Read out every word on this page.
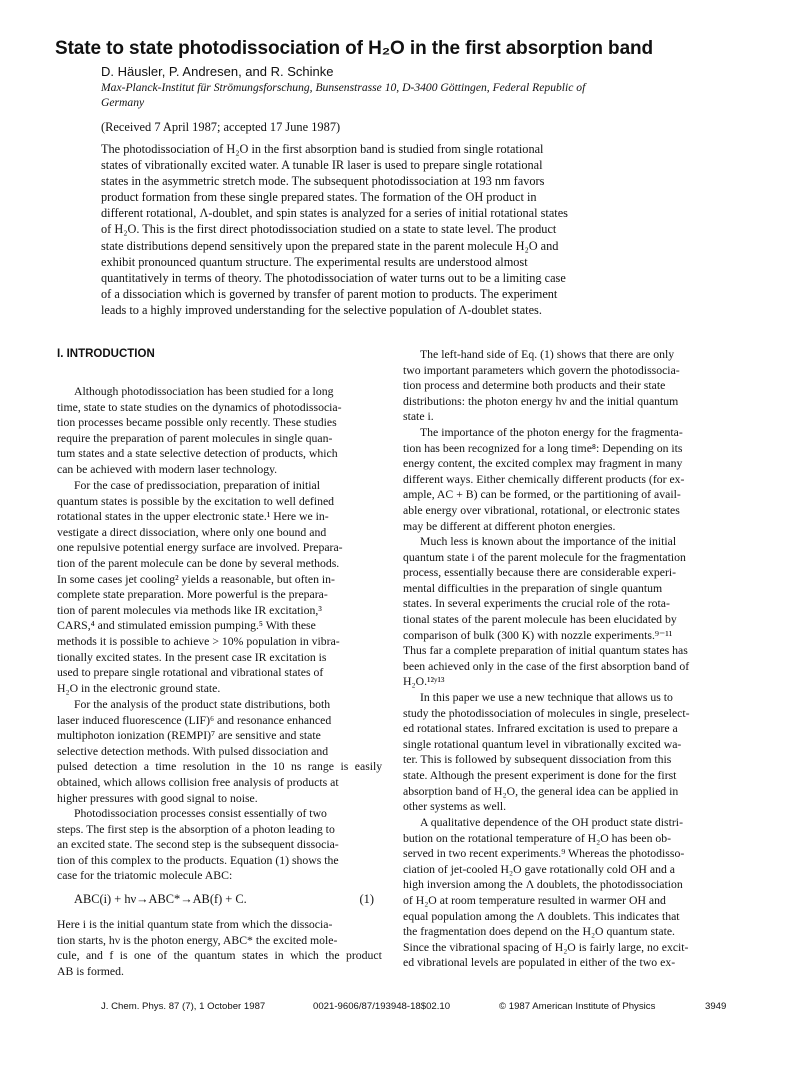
State to state photodissociation of H₂O in the first absorption band
D. Häusler, P. Andresen, and R. Schinke
Max-Planck-Institut für Strömungsforschung, Bunsenstrasse 10, D-3400 Göttingen, Federal Republic of
Germany
(Received 7 April 1987; accepted 17 June 1987)
The photodissociation of H₂O in the first absorption band is studied from single rotational
states of vibrationally excited water. A tunable IR laser is used to prepare single rotational
states in the asymmetric stretch mode. The subsequent photodissociation at 193 nm favors
product formation from these single prepared states. The formation of the OH product in
different rotational, Λ-doublet, and spin states is analyzed for a series of initial rotational states
of H₂O. This is the first direct photodissociation studied on a state to state level. The product
state distributions depend sensitively upon the prepared state in the parent molecule H₂O and
exhibit pronounced quantum structure. The experimental results are understood almost
quantitatively in terms of theory. The photodissociation of water turns out to be a limiting case
of a dissociation which is governed by transfer of parent motion to products. The experiment
leads to a highly improved understanding for the selective population of Λ-doublet states.
I. INTRODUCTION
Although photodissociation has been studied for a long
time, state to state studies on the dynamics of photodissocia-
tion processes became possible only recently. These studies
require the preparation of parent molecules in single quan-
tum states and a state selective detection of products, which
can be achieved with modern laser technology.
For the case of predissociation, preparation of initial
quantum states is possible by the excitation to well defined
rotational states in the upper electronic state.¹ Here we in-
vestigate a direct dissociation, where only one bound and
one repulsive potential energy surface are involved. Prepara-
tion of the parent molecule can be done by several methods.
In some cases jet cooling² yields a reasonable, but often in-
complete state preparation. More powerful is the prepara-
tion of parent molecules via methods like IR excitation,³
CARS,⁴ and stimulated emission pumping.⁵ With these
methods it is possible to achieve > 10% population in vibra-
tionally excited states. In the present case IR excitation is
used to prepare single rotational and vibrational states of
H₂O in the electronic ground state.
For the analysis of the product state distributions, both
laser induced fluorescence (LIF)⁶ and resonance enhanced
multiphoton ionization (REMPI)⁷ are sensitive and state
selective detection methods. With pulsed dissociation and
pulsed detection a time resolution in the 10 ns range is easily
obtained, which allows collision free analysis of products at
higher pressures with good signal to noise.
Photodissociation processes consist essentially of two
steps. The first step is the absorption of a photon leading to
an excited state. The second step is the subsequent dissocia-
tion of this complex to the products. Equation (1) shows the
case for the triatomic molecule ABC:
Here i is the initial quantum state from which the dissocia-
tion starts, hν is the photon energy, ABC* the excited mole-
cule, and f is one of the quantum states in which the product
AB is formed.
ABC(i) + hν→ABC*→AB(f) + C.	(1)
The left-hand side of Eq. (1) shows that there are only
two important parameters which govern the photodissocia-
tion process and determine both products and their state
distributions: the photon energy hν and the initial quantum
state i.
The importance of the photon energy for the fragmenta-
tion has been recognized for a long time⁸: Depending on its
energy content, the excited complex may fragment in many
different ways. Either chemically different products (for ex-
ample, AC + B) can be formed, or the partitioning of avail-
able energy over vibrational, rotational, or electronic states
may be different at different photon energies.
Much less is known about the importance of the initial
quantum state i of the parent molecule for the fragmentation
process, essentially because there are considerable experi-
mental difficulties in the preparation of single quantum
states. In several experiments the crucial role of the rota-
tional states of the parent molecule has been elucidated by
comparison of bulk (300 K) with nozzle experiments.⁹⁻¹¹
Thus far a complete preparation of initial quantum states has
been achieved only in the case of the first absorption band of
H₂O.¹²ʸ¹³
In this paper we use a new technique that allows us to
study the photodissociation of molecules in single, preselect-
ed rotational states. Infrared excitation is used to prepare a
single rotational quantum level in vibrationally excited wa-
ter. This is followed by subsequent dissociation from this
state. Although the present experiment is done for the first
absorption band of H₂O, the general idea can be applied in
other systems as well.
A qualitative dependence of the OH product state distri-
bution on the rotational temperature of H₂O has been ob-
served in two recent experiments.⁹ Whereas the photodisso-
ciation of jet-cooled H₂O gave rotationally cold OH and a
high inversion among the Λ doublets, the photodissociation
of H₂O at room temperature resulted in warmer OH and
equal population among the Λ doublets. This indicates that
the fragmentation does depend on the H₂O quantum state.
Since the vibrational spacing of H₂O is fairly large, no excit-
ed vibrational levels are populated in either of the two ex-
J. Chem. Phys. 87 (7), 1 October 1987	0021-9606/87/193948-18$02.10	© 1987 American Institute of Physics	3949
